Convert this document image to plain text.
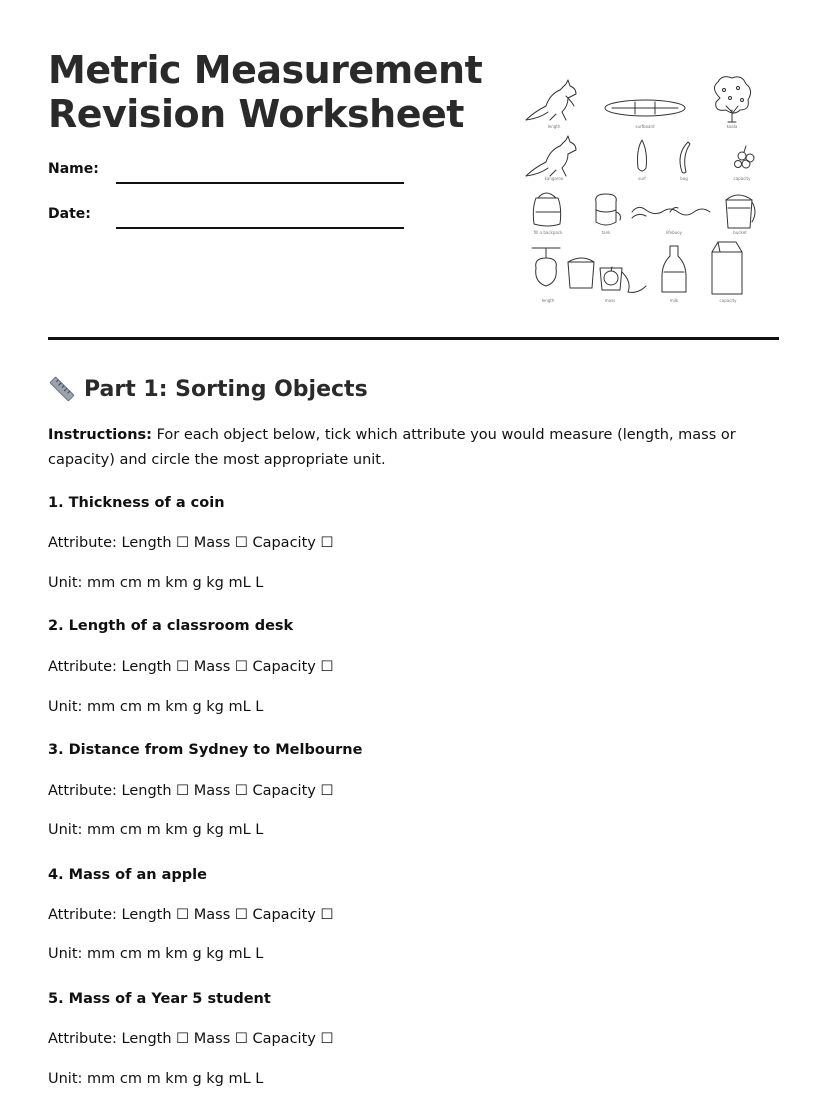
Metric Measurement
Revision Worksheet
Name:
Date:
length	surfboard	koala
kangaroo	surf	bag	capacity
fill a backpack	tank	lifebuoy	bucket
length	mass	milk	capacity
Part 1: Sorting Objects
Instructions: For each object below, tick which attribute you would measure (length, mass or capacity) and circle the most appropriate unit.
1. Thickness of a coin
Attribute: Length ☐ Mass ☐ Capacity ☐
Unit: mm cm m km g kg mL L
2. Length of a classroom desk
Attribute: Length ☐ Mass ☐ Capacity ☐
Unit: mm cm m km g kg mL L
3. Distance from Sydney to Melbourne
Attribute: Length ☐ Mass ☐ Capacity ☐
Unit: mm cm m km g kg mL L
4. Mass of an apple
Attribute: Length ☐ Mass ☐ Capacity ☐
Unit: mm cm m km g kg mL L
5. Mass of a Year 5 student
Attribute: Length ☐ Mass ☐ Capacity ☐
Unit: mm cm m km g kg mL L
